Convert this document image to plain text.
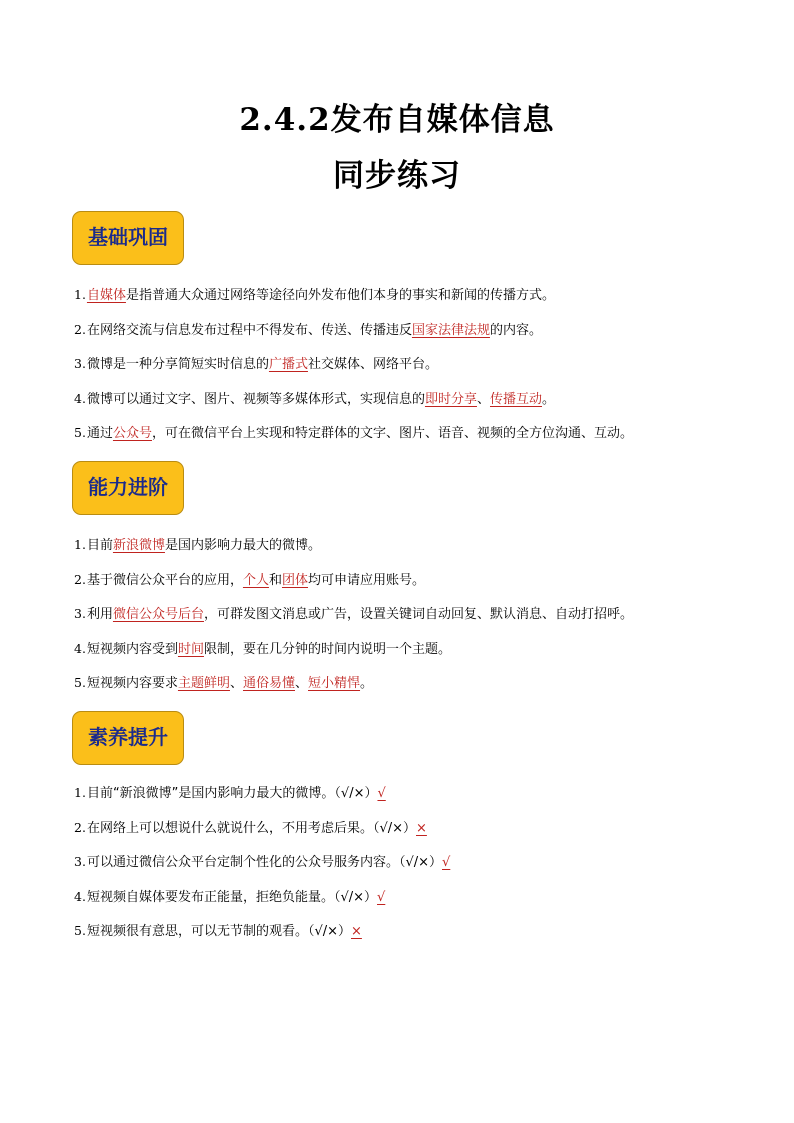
2.4.2发布自媒体信息
同步练习
基础巩固
1.自媒体是指普通大众通过网络等途径向外发布他们本身的事实和新闻的传播方式。
2.在网络交流与信息发布过程中不得发布、传送、传播违反国家法律法规的内容。
3.微博是一种分享简短实时信息的广播式社交媒体、网络平台。
4.微博可以通过文字、图片、视频等多媒体形式，实现信息的即时分享、传播互动。
5.通过公众号，可在微信平台上实现和特定群体的文字、图片、语音、视频的全方位沟通、互动。
能力进阶
1.目前新浪微博是国内影响力最大的微博。
2.基于微信公众平台的应用，个人和团体均可申请应用账号。
3.利用微信公众号后台，可群发图文消息或广告，设置关键词自动回复、默认消息、自动打招呼。
4.短视频内容受到时间限制，要在几分钟的时间内说明一个主题。
5.短视频内容要求主题鲜明、通俗易懂、短小精悍。
素养提升
1.目前“新浪微博”是国内影响力最大的微博。（√/×）√
2.在网络上可以想说什么就说什么，不用考虑后果。（√/×）×
3.可以通过微信公众平台定制个性化的公众号服务内容。（√/×）√
4.短视频自媒体要发布正能量，拒绝负能量。（√/×）√
5.短视频很有意思，可以无节制的观看。（√/×）×
